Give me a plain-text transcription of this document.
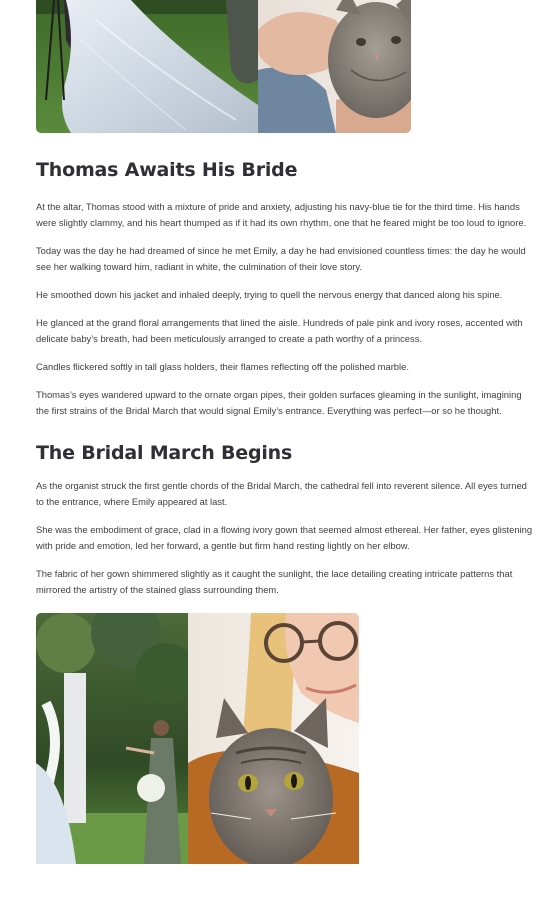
Thomas Awaits His Bride

At the altar, Thomas stood with a mixture of pride and anxiety, adjusting his navy-blue tie for the third time. His hands were slightly clammy, and his heart thumped as if it had its own rhythm, one that he feared might be too loud to ignore.

Today was the day he had dreamed of since he met Emily, a day he had envisioned countless times: the day he would see her walking toward him, radiant in white, the culmination of their love story.

He smoothed down his jacket and inhaled deeply, trying to quell the nervous energy that danced along his spine.

He glanced at the grand floral arrangements that lined the aisle. Hundreds of pale pink and ivory roses, accented with delicate baby’s breath, had been meticulously arranged to create a path worthy of a princess.

Candles flickered softly in tall glass holders, their flames reflecting off the polished marble.

Thomas’s eyes wandered upward to the ornate organ pipes, their golden surfaces gleaming in the sunlight, imagining the first strains of the Bridal March that would signal Emily’s entrance. Everything was perfect—or so he thought.

The Bridal March Begins

As the organist struck the first gentle chords of the Bridal March, the cathedral fell into reverent silence. All eyes turned to the entrance, where Emily appeared at last.

She was the embodiment of grace, clad in a flowing ivory gown that seemed almost ethereal. Her father, eyes glistening with pride and emotion, led her forward, a gentle but firm hand resting lightly on her elbow.

The fabric of her gown shimmered slightly as it caught the sunlight, the lace detailing creating intricate patterns that mirrored the artistry of the stained glass surrounding them.
